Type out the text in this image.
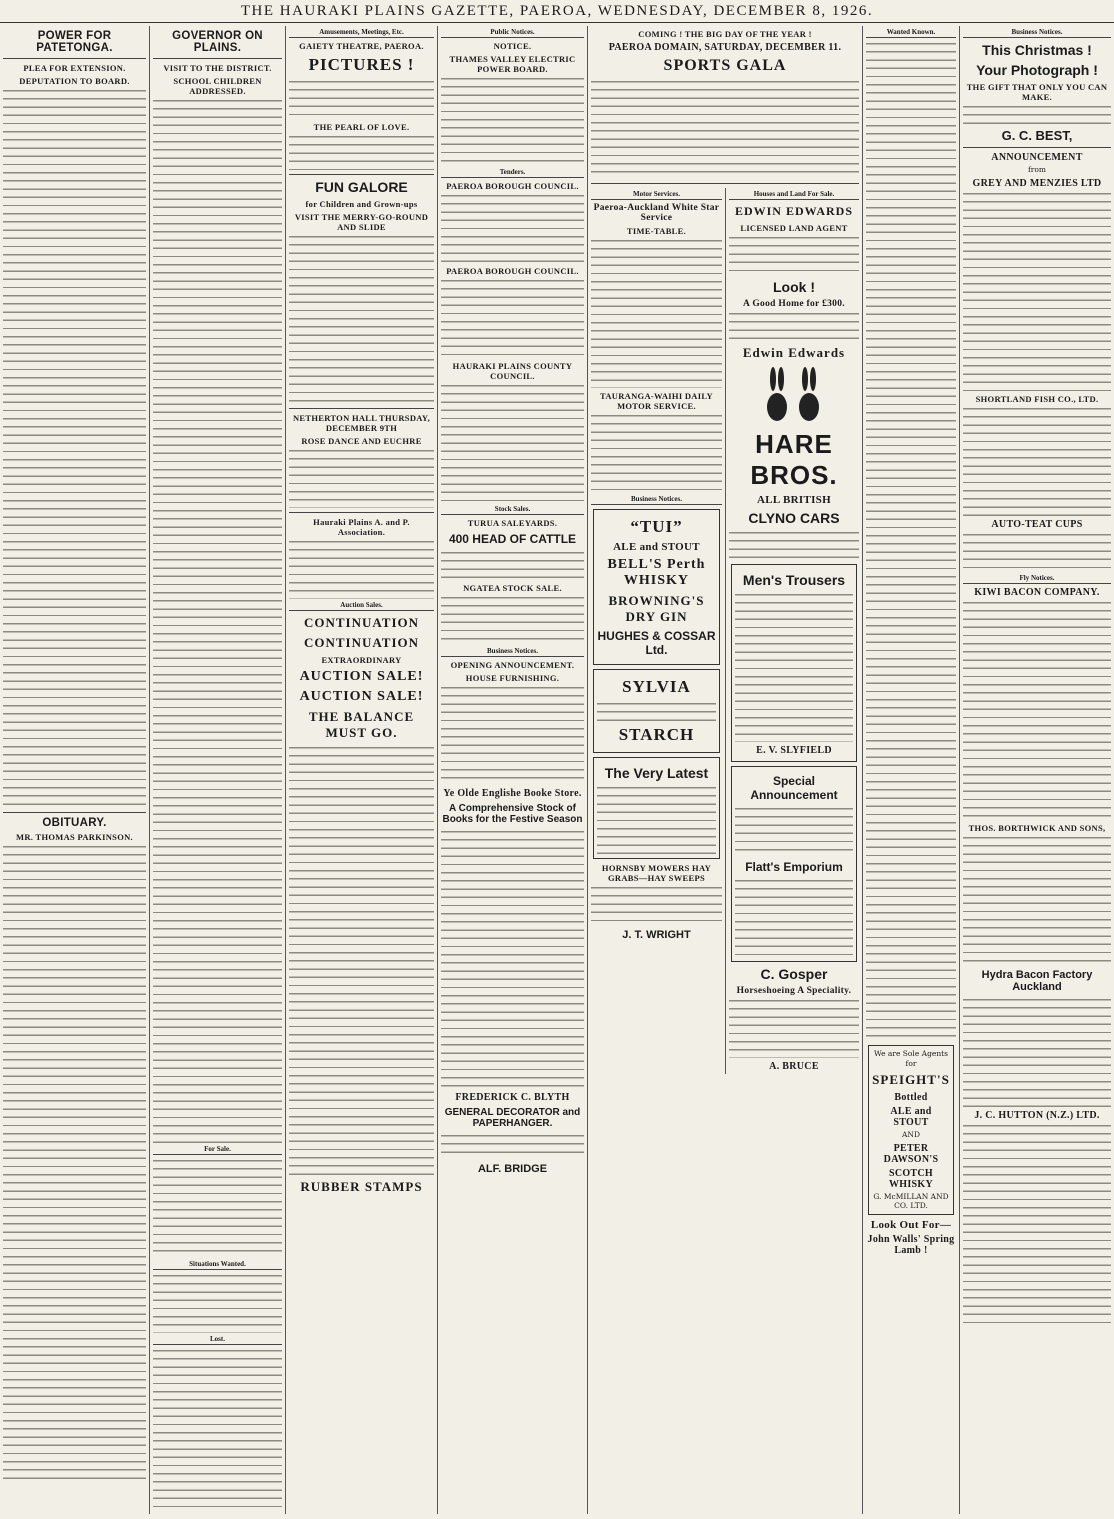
THE HAURAKI PLAINS GAZETTE, PAEROA, WEDNESDAY, DECEMBER 8, 1926.
POWER FOR PATETONGA.
PLEA FOR EXTENSION.
DEPUTATION TO BOARD.
OBITUARY.
MR. THOMAS PARKINSON.
GOVERNOR ON PLAINS.
VISIT TO THE DISTRICT.
SCHOOL CHILDREN ADDRESSED.
For Sale.
Situations Wanted.
Lost.
Amusements, Meetings, Etc.
GAIETY THEATRE, PAEROA.
PICTURES !
THE PEARL OF LOVE.
FUN GALORE
for Children and Grown-ups
VISIT THE MERRY-GO-ROUND AND SLIDE
NETHERTON HALL THURSDAY, DECEMBER 9TH
ROSE DANCE AND EUCHRE
Hauraki Plains A. and P. Association.
Auction Sales.
CONTINUATION
CONTINUATION
EXTRAORDINARY
AUCTION SALE!
AUCTION SALE!
THE BALANCE MUST GO.
RUBBER STAMPS
Public Notices.
NOTICE.
THAMES VALLEY ELECTRIC POWER BOARD.
Tenders.
PAEROA BOROUGH COUNCIL.
PAEROA BOROUGH COUNCIL.
HAURAKI PLAINS COUNTY COUNCIL.
Stock Sales.
TURUA SALEYARDS.
400 HEAD OF CATTLE
NGATEA STOCK SALE.
Business Notices.
OPENING ANNOUNCEMENT.
HOUSE FURNISHING.
Ye Olde Englishe Booke Store.
A Comprehensive Stock of Books for the Festive Season
FREDERICK C. BLYTH
GENERAL DECORATOR and PAPERHANGER.
ALF. BRIDGE
COMING ! THE BIG DAY OF THE YEAR !
PAEROA DOMAIN, SATURDAY, DECEMBER 11.
SPORTS GALA
Motor Services.
Paeroa-Auckland White Star Service
TIME-TABLE.
TAURANGA-WAIHI DAILY MOTOR SERVICE.
Business Notices.
“TUI”
ALE and STOUT
BELL'S Perth WHISKY
BROWNING'S DRY GIN
HUGHES & COSSAR Ltd.
SYLVIA
STARCH
The Very Latest
HORNSBY MOWERS HAY GRABS—HAY SWEEPS
J. T. WRIGHT
Houses and Land For Sale.
EDWIN EDWARDS
LICENSED LAND AGENT
Look !
A Good Home for £300.
Edwin Edwards
HARE BROS.
ALL BRITISH
CLYNO CARS
Men's Trousers
E. V. SLYFIELD
Special Announcement
Flatt's Emporium
C. Gosper
Horseshoeing A Speciality.
A. BRUCE
Wanted Known.
We are Sole Agents for
SPEIGHT'S
Bottled
ALE and STOUT
AND
PETER DAWSON'S
SCOTCH WHISKY
G. McMILLAN AND CO. LTD.
Look Out For—
John Walls' Spring Lamb !
Business Notices.
This Christmas !
Your Photograph !
THE GIFT THAT ONLY YOU CAN MAKE.
G. C. BEST,
ANNOUNCEMENT
from
GREY AND MENZIES LTD
SHORTLAND FISH CO., LTD.
AUTO-TEAT CUPS
Fly Notices.
KIWI BACON COMPANY.
THOS. BORTHWICK AND SONS,
Hydra Bacon Factory Auckland
J. C. HUTTON (N.Z.) LTD.
